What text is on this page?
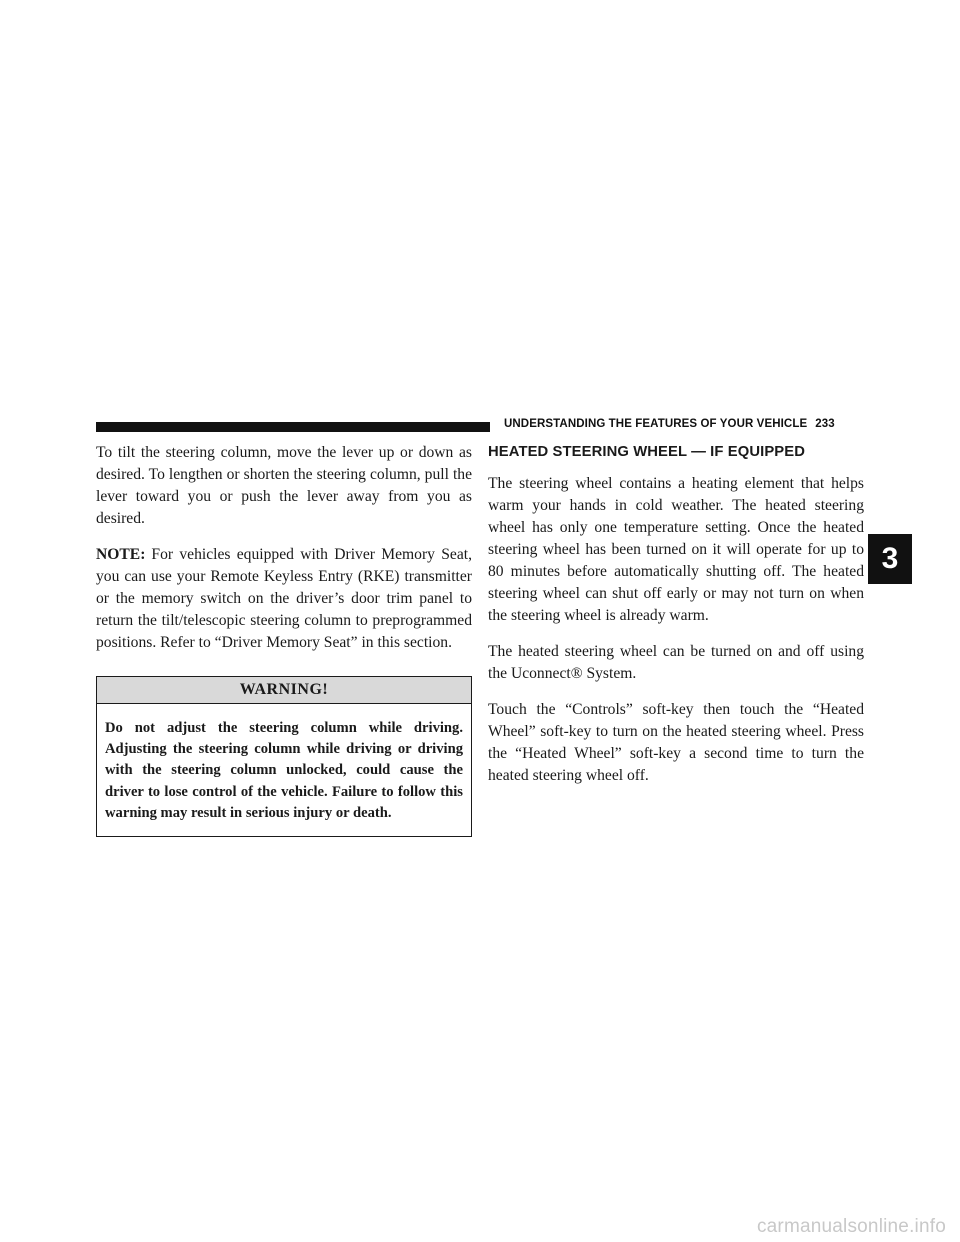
UNDERSTANDING THE FEATURES OF YOUR VEHICLE 233

To tilt the steering column, move the lever up or down as desired. To lengthen or shorten the steering column, pull the lever toward you or push the lever away from you as desired.

NOTE: For vehicles equipped with Driver Memory Seat, you can use your Remote Keyless Entry (RKE) transmitter or the memory switch on the driver’s door trim panel to return the tilt/telescopic steering column to preprogrammed positions. Refer to “Driver Memory Seat” in this section.

WARNING!
Do not adjust the steering column while driving. Adjusting the steering column while driving or driving with the steering column unlocked, could cause the driver to lose control of the vehicle. Failure to follow this warning may result in serious injury or death.
HEATED STEERING WHEEL — IF EQUIPPED

The steering wheel contains a heating element that helps warm your hands in cold weather. The heated steering wheel has only one temperature setting. Once the heated steering wheel has been turned on it will operate for up to 80 minutes before automatically shutting off. The heated steering wheel can shut off early or may not turn on when the steering wheel is already warm.

The heated steering wheel can be turned on and off using the Uconnect® System.

Touch the “Controls” soft-key then touch the “Heated Wheel” soft-key to turn on the heated steering wheel. Press the “Heated Wheel” soft-key a second time to turn the heated steering wheel off.

3
carmanualsonline.info
